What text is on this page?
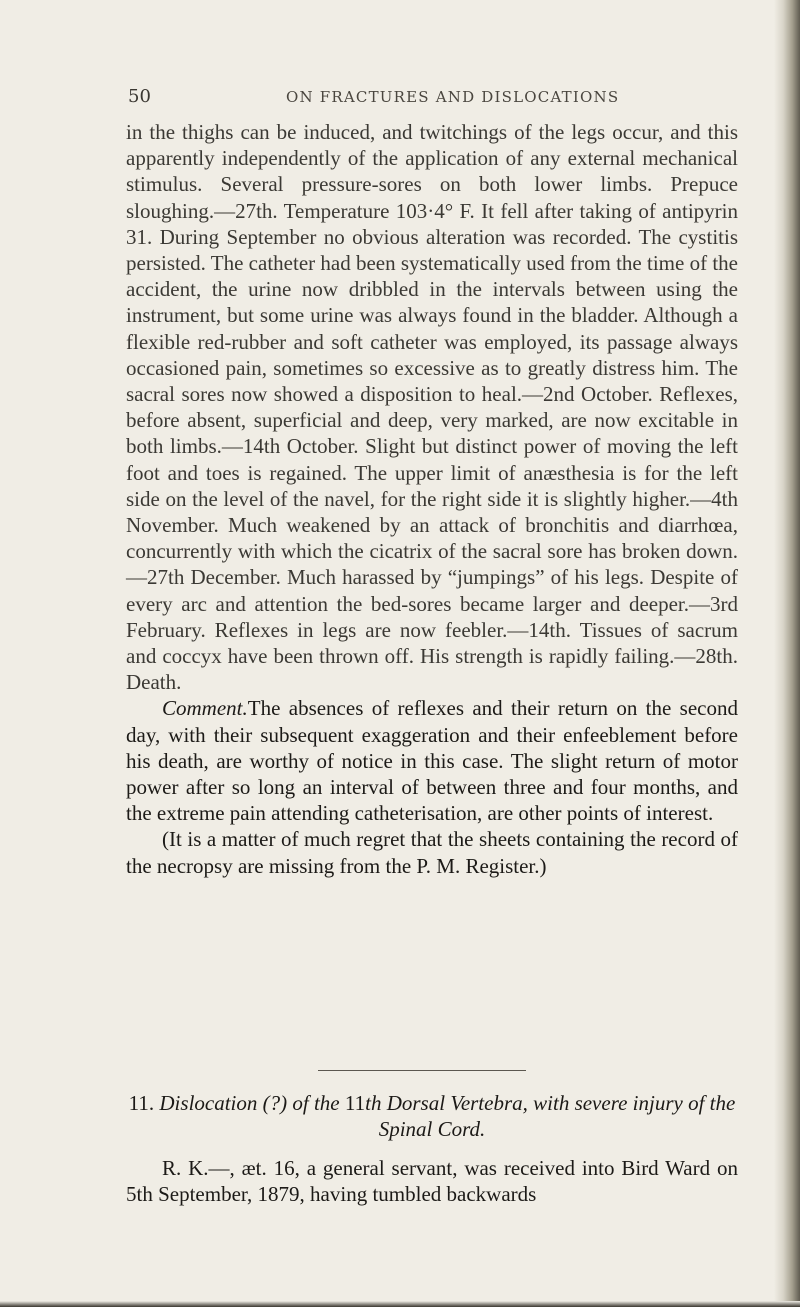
50	ON FRACTURES AND DISLOCATIONS

in the thighs can be induced, and twitchings of the legs occur, and this apparently independently of the application of any external mechanical stimulus. Several pressure-sores on both lower limbs. Prepuce sloughing.—27th. Temperature 103·4° F. It fell after taking of antipyrin 31. During September no obvious alteration was recorded. The cystitis persisted. The catheter had been systematically used from the time of the accident, the urine now dribbled in the intervals between using the instrument, but some urine was always found in the bladder. Although a flexible red-rubber and soft catheter was employed, its passage always occasioned pain, sometimes so excessive as to greatly distress him. The sacral sores now showed a disposition to heal.—2nd October. Reflexes, before absent, superficial and deep, very marked, are now excitable in both limbs.—14th October. Slight but distinct power of moving the left foot and toes is regained. The upper limit of anæsthesia is for the left side on the level of the navel, for the right side it is slightly higher.—4th November. Much weakened by an attack of bronchitis and diarrhœa, concurrently with which the cicatrix of the sacral sore has broken down.—27th December. Much harassed by “jumpings” of his legs. Despite of every arc and attention the bed-sores became larger and deeper.—3rd February. Reflexes in legs are now feebler.—14th. Tissues of sacrum and coccyx have been thrown off. His strength is rapidly failing.—28th. Death.

Comment.The absences of reflexes and their return on the second day, with their subsequent exaggeration and their enfeeblement before his death, are worthy of notice in this case. The slight return of motor power after so long an interval of between three and four months, and the extreme pain attending catheterisation, are other points of interest.

(It is a matter of much regret that the sheets containing the record of the necropsy are missing from the P. M. Register.)

11. Dislocation (?) of the 11th Dorsal Vertebra, with severe injury of the Spinal Cord.

R. K.—, æt. 16, a general servant, was received into Bird Ward on 5th September, 1879, having tumbled backwards
